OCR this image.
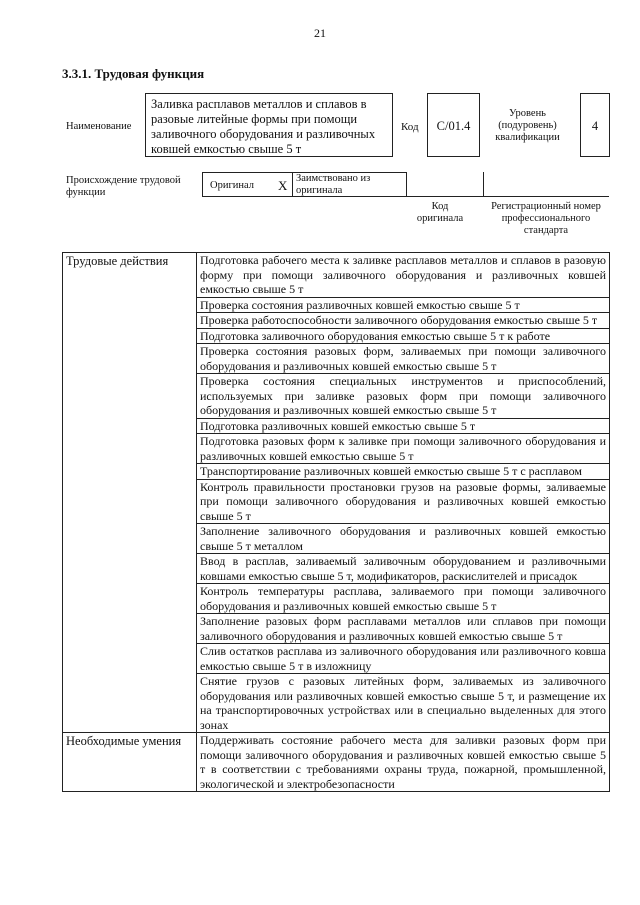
21
3.3.1. Трудовая функция
Наименование
Заливка расплавов металлов и сплавов в разовые литейные формы при помощи заливочного оборудования и разливочных ковшей емкостью свыше 5 т
Код	С/01.4
Уровень (подуровень) квалификации
4
Происхождение трудовой функции
Оригинал Х Заимствовано из оригинала
Код оригинала
Регистрационный номер профессионального стандарта
Трудовые действия	Подготовка рабочего места к заливке расплавов металлов и сплавов в разовую форму при помощи заливочного оборудования и разливочных ковшей емкостью свыше 5 т
	Проверка состояния разливочных ковшей емкостью свыше 5 т
	Проверка работоспособности заливочного оборудования емкостью свыше 5 т
	Подготовка заливочного оборудования емкостью свыше 5 т к работе
	Проверка состояния разовых форм, заливаемых при помощи заливочного оборудования и разливочных ковшей емкостью свыше 5 т
	Проверка состояния специальных инструментов и приспособлений, используемых при заливке разовых форм при помощи заливочного оборудования и разливочных ковшей емкостью свыше 5 т
	Подготовка разливочных ковшей емкостью свыше 5 т
	Подготовка разовых форм к заливке при помощи заливочного оборудования и разливочных ковшей емкостью свыше 5 т
	Транспортирование разливочных ковшей емкостью свыше 5 т с расплавом
	Контроль правильности простановки грузов на разовые формы, заливаемые при помощи заливочного оборудования и разливочных ковшей емкостью свыше 5 т
	Заполнение заливочного оборудования и разливочных ковшей емкостью свыше 5 т металлом
	Ввод в расплав, заливаемый заливочным оборудованием и разливочными ковшами емкостью свыше 5 т, модификаторов, раскислителей и присадок
	Контроль температуры расплава, заливаемого при помощи заливочного оборудования и разливочных ковшей емкостью свыше 5 т
	Заполнение разовых форм расплавами металлов или сплавов при помощи заливочного оборудования и разливочных ковшей емкостью свыше 5 т
	Слив остатков расплава из заливочного оборудования или разливочного ковша емкостью свыше 5 т в изложницу
	Снятие грузов с разовых литейных форм, заливаемых из заливочного оборудования или разливочных ковшей емкостью свыше 5 т, и размещение их на транспортировочных устройствах или в специально выделенных для этого зонах
Необходимые умения	Поддерживать состояние рабочего места для заливки разовых форм при помощи заливочного оборудования и разливочных ковшей емкостью свыше 5 т в соответствии с требованиями охраны труда, пожарной, промышленной, экологической и электробезопасности
